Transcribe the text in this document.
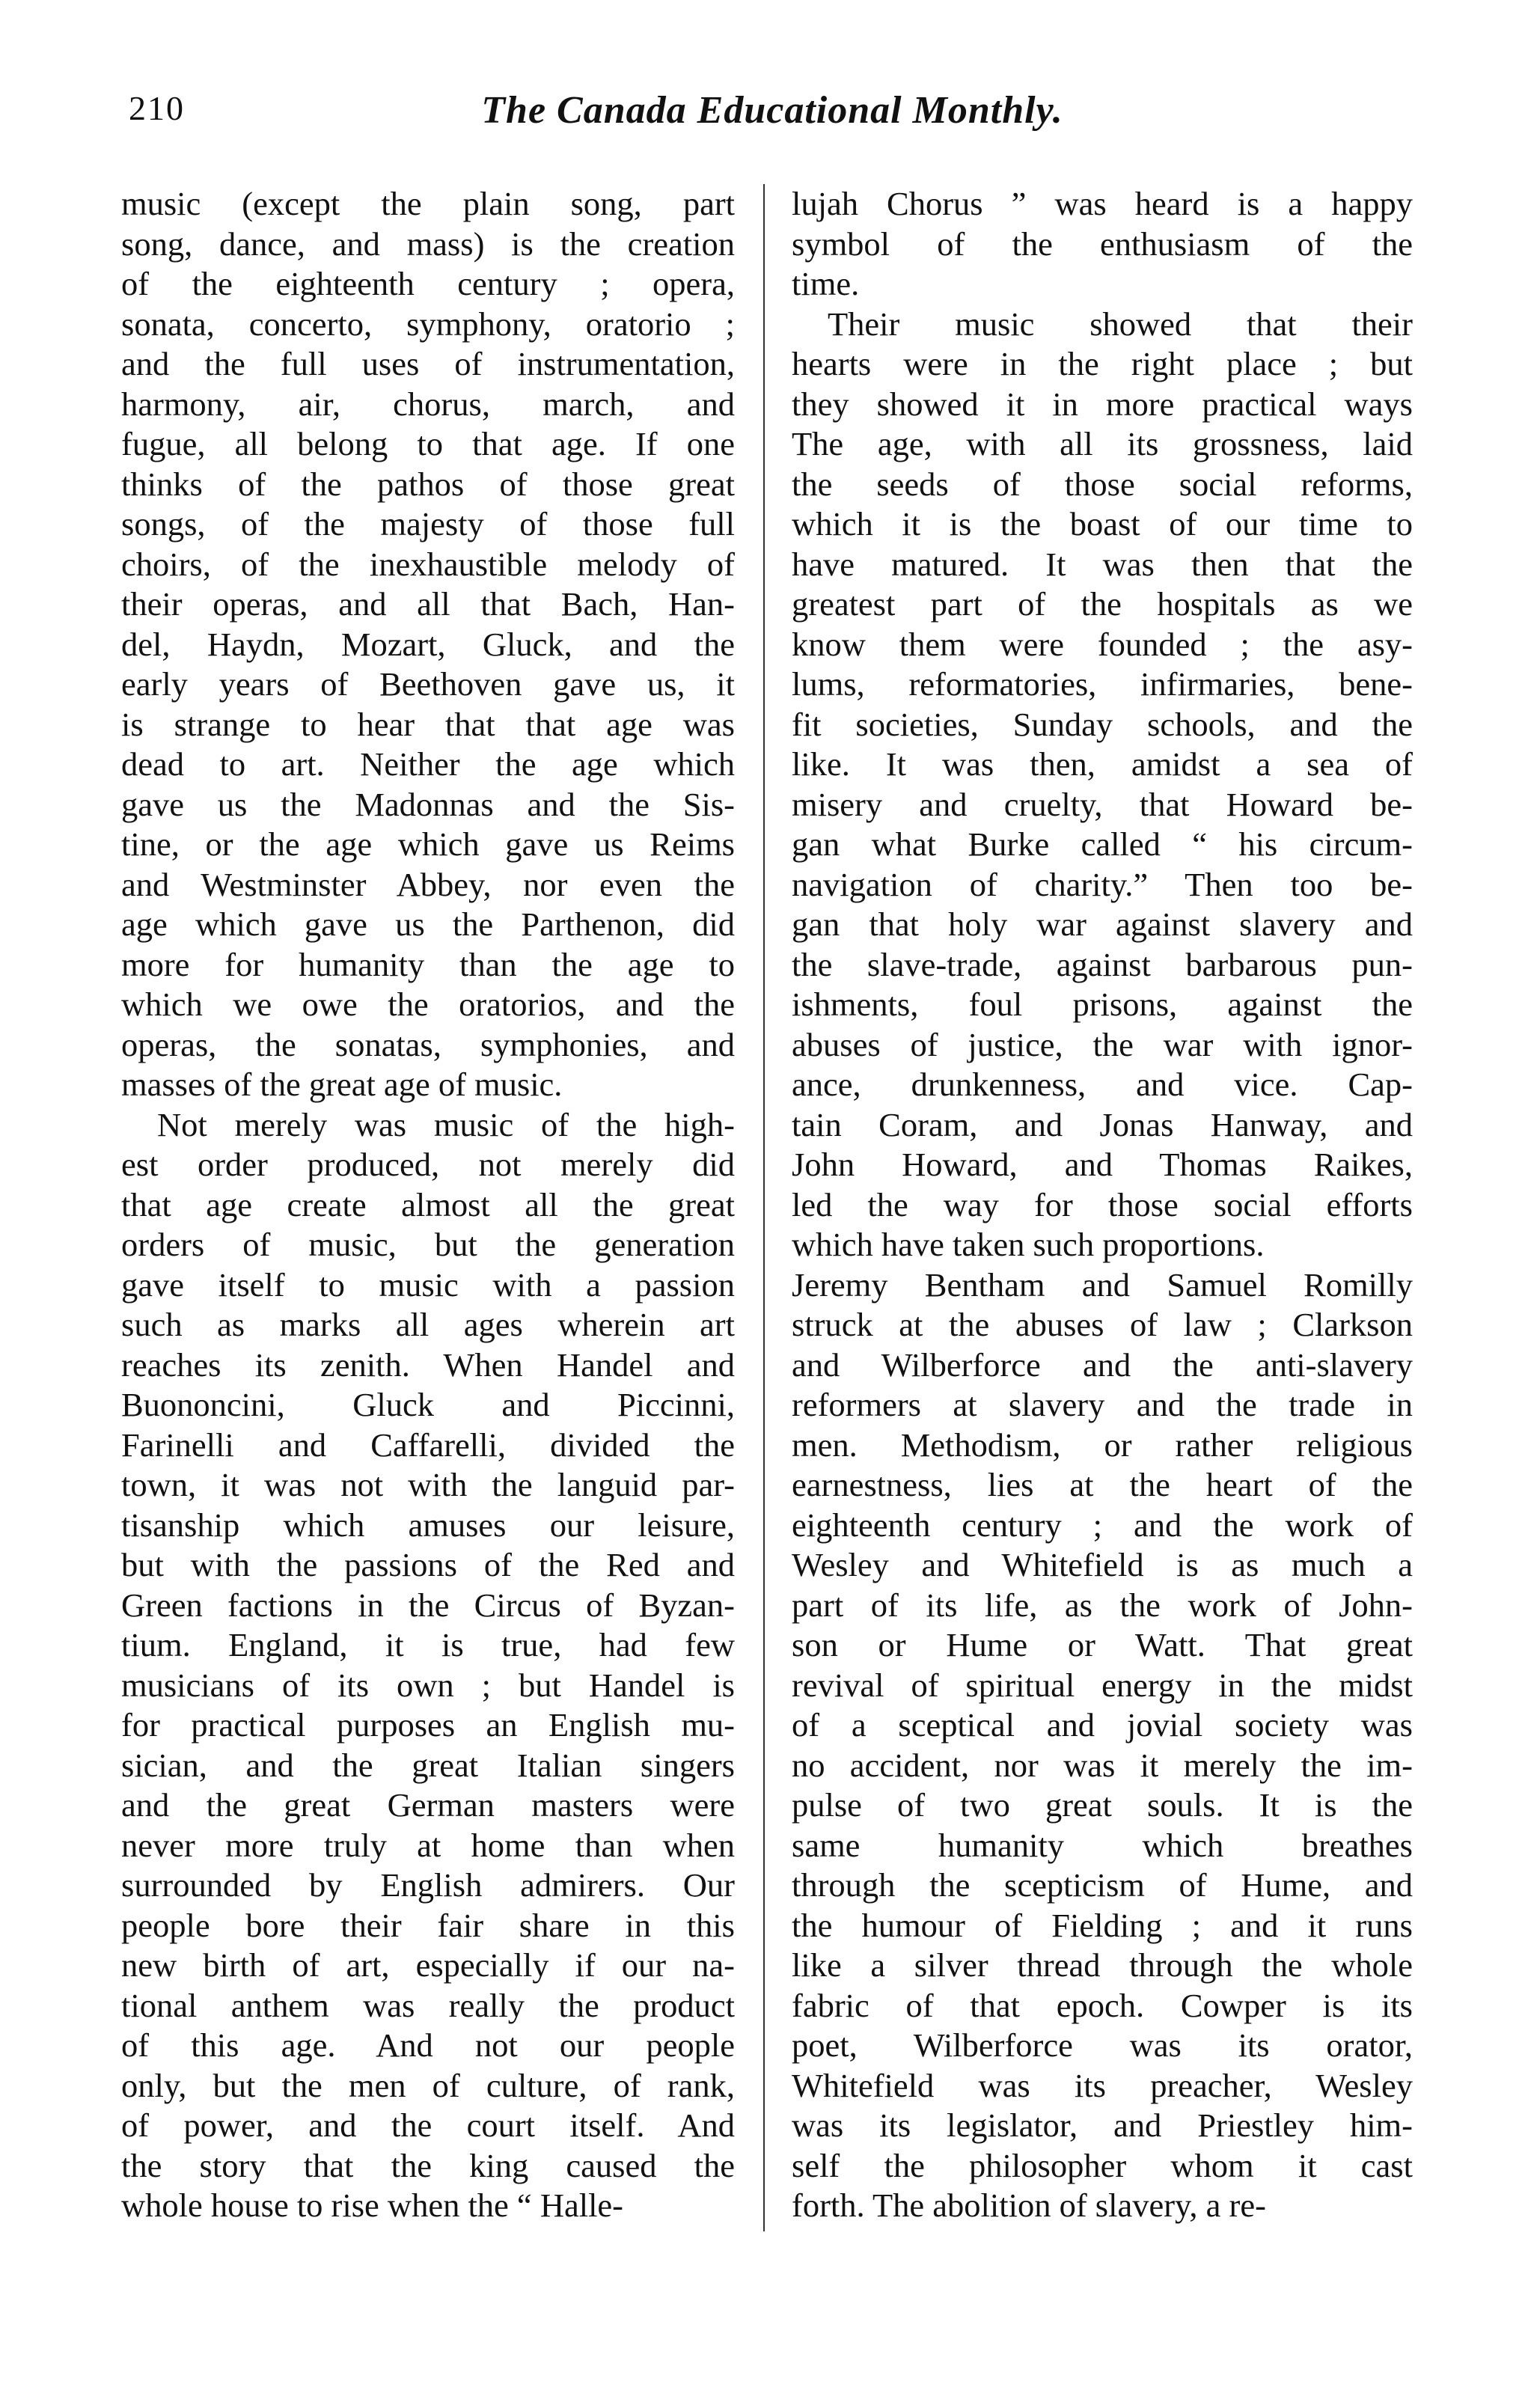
210	The Canada Educational Monthly.
music (except the plain song, part
song, dance, and mass) is the creation
of the eighteenth century ; opera,
sonata, concerto, symphony, oratorio ;
and the full uses of instrumentation,
harmony, air, chorus, march, and
fugue, all belong to that age. If one
thinks of the pathos of those great
songs, of the majesty of those full
choirs, of the inexhaustible melody of
their operas, and all that Bach, Han-
del, Haydn, Mozart, Gluck, and the
early years of Beethoven gave us, it
is strange to hear that that age was
dead to art. Neither the age which
gave us the Madonnas and the Sis-
tine, or the age which gave us Reims
and Westminster Abbey, nor even the
age which gave us the Parthenon, did
more for humanity than the age to
which we owe the oratorios, and the
operas, the sonatas, symphonies, and
masses of the great age of music.
Not merely was music of the high-
est order produced, not merely did
that age create almost all the great
orders of music, but the generation
gave itself to music with a passion
such as marks all ages wherein art
reaches its zenith. When Handel and
Buononcini, Gluck and Piccinni,
Farinelli and Caffarelli, divided the
town, it was not with the languid par-
tisanship which amuses our leisure,
but with the passions of the Red and
Green factions in the Circus of Byzan-
tium. England, it is true, had few
musicians of its own ; but Handel is
for practical purposes an English mu-
sician, and the great Italian singers
and the great German masters were
never more truly at home than when
surrounded by English admirers. Our
people bore their fair share in this
new birth of art, especially if our na-
tional anthem was really the product
of this age. And not our people
only, but the men of culture, of rank,
of power, and the court itself. And
the story that the king caused the
whole house to rise when the “ Halle-
lujah Chorus ” was heard is a happy
symbol of the enthusiasm of the
time.
Their music showed that their
hearts were in the right place ; but
they showed it in more practical ways
The age, with all its grossness, laid
the seeds of those social reforms,
which it is the boast of our time to
have matured. It was then that the
greatest part of the hospitals as we
know them were founded ; the asy-
lums, reformatories, infirmaries, bene-
fit societies, Sunday schools, and the
like. It was then, amidst a sea of
misery and cruelty, that Howard be-
gan what Burke called “ his circum-
navigation of charity.” Then too be-
gan that holy war against slavery and
the slave-trade, against barbarous pun-
ishments, foul prisons, against the
abuses of justice, the war with ignor-
ance, drunkenness, and vice. Cap-
tain Coram, and Jonas Hanway, and
John Howard, and Thomas Raikes,
led the way for those social efforts
which have taken such proportions.
Jeremy Bentham and Samuel Romilly
struck at the abuses of law ; Clarkson
and Wilberforce and the anti-slavery
reformers at slavery and the trade in
men. Methodism, or rather religious
earnestness, lies at the heart of the
eighteenth century ; and the work of
Wesley and Whitefield is as much a
part of its life, as the work of John-
son or Hume or Watt. That great
revival of spiritual energy in the midst
of a sceptical and jovial society was
no accident, nor was it merely the im-
pulse of two great souls. It is the
same humanity which breathes
through the scepticism of Hume, and
the humour of Fielding ; and it runs
like a silver thread through the whole
fabric of that epoch. Cowper is its
poet, Wilberforce was its orator,
Whitefield was its preacher, Wesley
was its legislator, and Priestley him-
self the philosopher whom it cast
forth. The abolition of slavery, a re-
